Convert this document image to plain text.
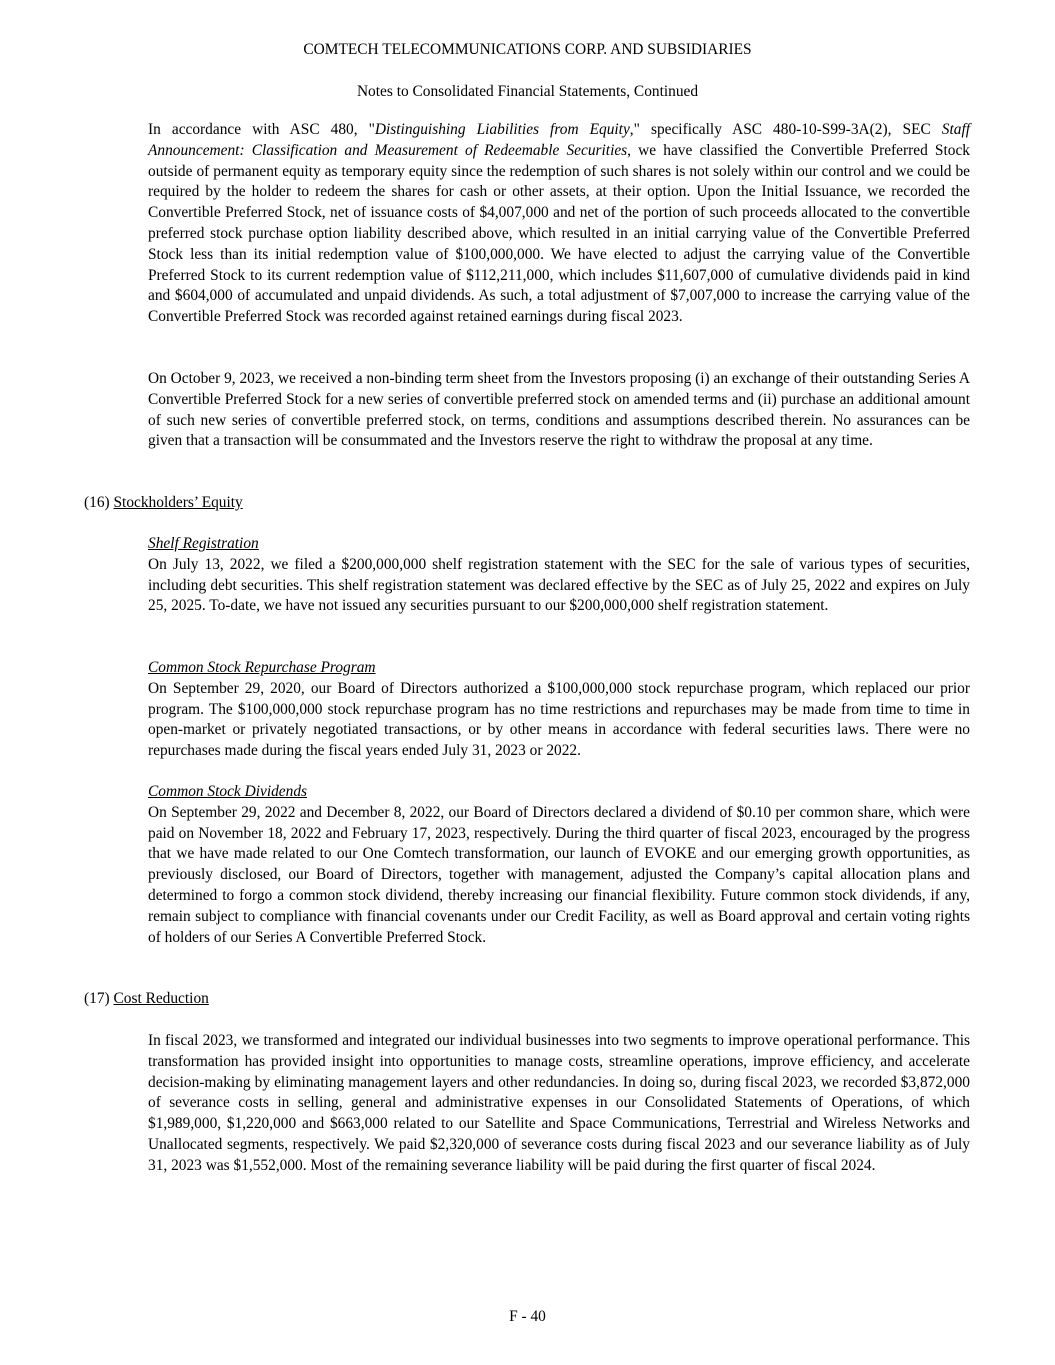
COMTECH TELECOMMUNICATIONS CORP. AND SUBSIDIARIES
Notes to Consolidated Financial Statements, Continued

In accordance with ASC 480, "Distinguishing Liabilities from Equity," specifically ASC 480-10-S99-3A(2), SEC Staff Announcement: Classification and Measurement of Redeemable Securities, we have classified the Convertible Preferred Stock outside of permanent equity as temporary equity since the redemption of such shares is not solely within our control and we could be required by the holder to redeem the shares for cash or other assets, at their option. Upon the Initial Issuance, we recorded the Convertible Preferred Stock, net of issuance costs of $4,007,000 and net of the portion of such proceeds allocated to the convertible preferred stock purchase option liability described above, which resulted in an initial carrying value of the Convertible Preferred Stock less than its initial redemption value of $100,000,000. We have elected to adjust the carrying value of the Convertible Preferred Stock to its current redemption value of $112,211,000, which includes $11,607,000 of cumulative dividends paid in kind and $604,000 of accumulated and unpaid dividends. As such, a total adjustment of $7,007,000 to increase the carrying value of the Convertible Preferred Stock was recorded against retained earnings during fiscal 2023.

On October 9, 2023, we received a non-binding term sheet from the Investors proposing (i) an exchange of their outstanding Series A Convertible Preferred Stock for a new series of convertible preferred stock on amended terms and (ii) purchase an additional amount of such new series of convertible preferred stock, on terms, conditions and assumptions described therein. No assurances can be given that a transaction will be consummated and the Investors reserve the right to withdraw the proposal at any time.

(16) Stockholders’ Equity

Shelf Registration

On July 13, 2022, we filed a $200,000,000 shelf registration statement with the SEC for the sale of various types of securities, including debt securities. This shelf registration statement was declared effective by the SEC as of July 25, 2022 and expires on July 25, 2025. To-date, we have not issued any securities pursuant to our $200,000,000 shelf registration statement.

Common Stock Repurchase Program

On September 29, 2020, our Board of Directors authorized a $100,000,000 stock repurchase program, which replaced our prior program. The $100,000,000 stock repurchase program has no time restrictions and repurchases may be made from time to time in open-market or privately negotiated transactions, or by other means in accordance with federal securities laws. There were no repurchases made during the fiscal years ended July 31, 2023 or 2022.

Common Stock Dividends

On September 29, 2022 and December 8, 2022, our Board of Directors declared a dividend of $0.10 per common share, which were paid on November 18, 2022 and February 17, 2023, respectively. During the third quarter of fiscal 2023, encouraged by the progress that we have made related to our One Comtech transformation, our launch of EVOKE and our emerging growth opportunities, as previously disclosed, our Board of Directors, together with management, adjusted the Company’s capital allocation plans and determined to forgo a common stock dividend, thereby increasing our financial flexibility. Future common stock dividends, if any, remain subject to compliance with financial covenants under our Credit Facility, as well as Board approval and certain voting rights of holders of our Series A Convertible Preferred Stock.

(17) Cost Reduction

In fiscal 2023, we transformed and integrated our individual businesses into two segments to improve operational performance. This transformation has provided insight into opportunities to manage costs, streamline operations, improve efficiency, and accelerate decision-making by eliminating management layers and other redundancies. In doing so, during fiscal 2023, we recorded $3,872,000 of severance costs in selling, general and administrative expenses in our Consolidated Statements of Operations, of which $1,989,000, $1,220,000 and $663,000 related to our Satellite and Space Communications, Terrestrial and Wireless Networks and Unallocated segments, respectively. We paid $2,320,000 of severance costs during fiscal 2023 and our severance liability as of July 31, 2023 was $1,552,000. Most of the remaining severance liability will be paid during the first quarter of fiscal 2024.

F - 40
